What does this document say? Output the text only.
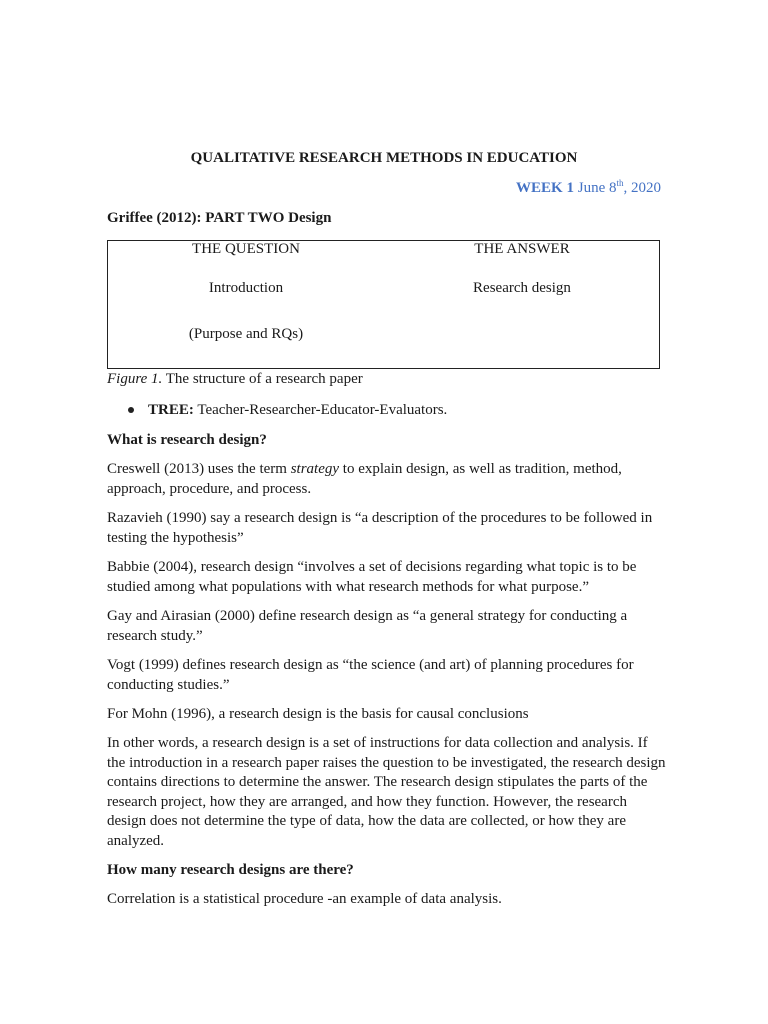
QUALITATIVE RESEARCH METHODS IN EDUCATION
WEEK 1 June 8th, 2020
Griffee (2012): PART TWO Design
THE QUESTION	THE ANSWER
Introduction	Research design
(Purpose and RQs)
Figure 1. The structure of a research paper
TREE: Teacher-Researcher-Educator-Evaluators.
What is research design?

Creswell (2013) uses the term strategy to explain design, as well as tradition, method, approach, procedure, and process.

Razavieh (1990) say a research design is “a description of the procedures to be followed in testing the hypothesis”

Babbie (2004), research design “involves a set of decisions regarding what topic is to be studied among what populations with what research methods for what purpose.”

Gay and Airasian (2000) define research design as “a general strategy for conducting a research study.”

Vogt (1999) defines research design as “the science (and art) of planning procedures for conducting studies.”

For Mohn (1996), a research design is the basis for causal conclusions

In other words, a research design is a set of instructions for data collection and analysis. If the introduction in a research paper raises the question to be investigated, the research design contains directions to determine the answer. The research design stipulates the parts of the research project, how they are arranged, and how they function. However, the research design does not determine the type of data, how the data are collected, or how they are analyzed.

How many research designs are there?

Correlation is a statistical procedure -an example of data analysis.
